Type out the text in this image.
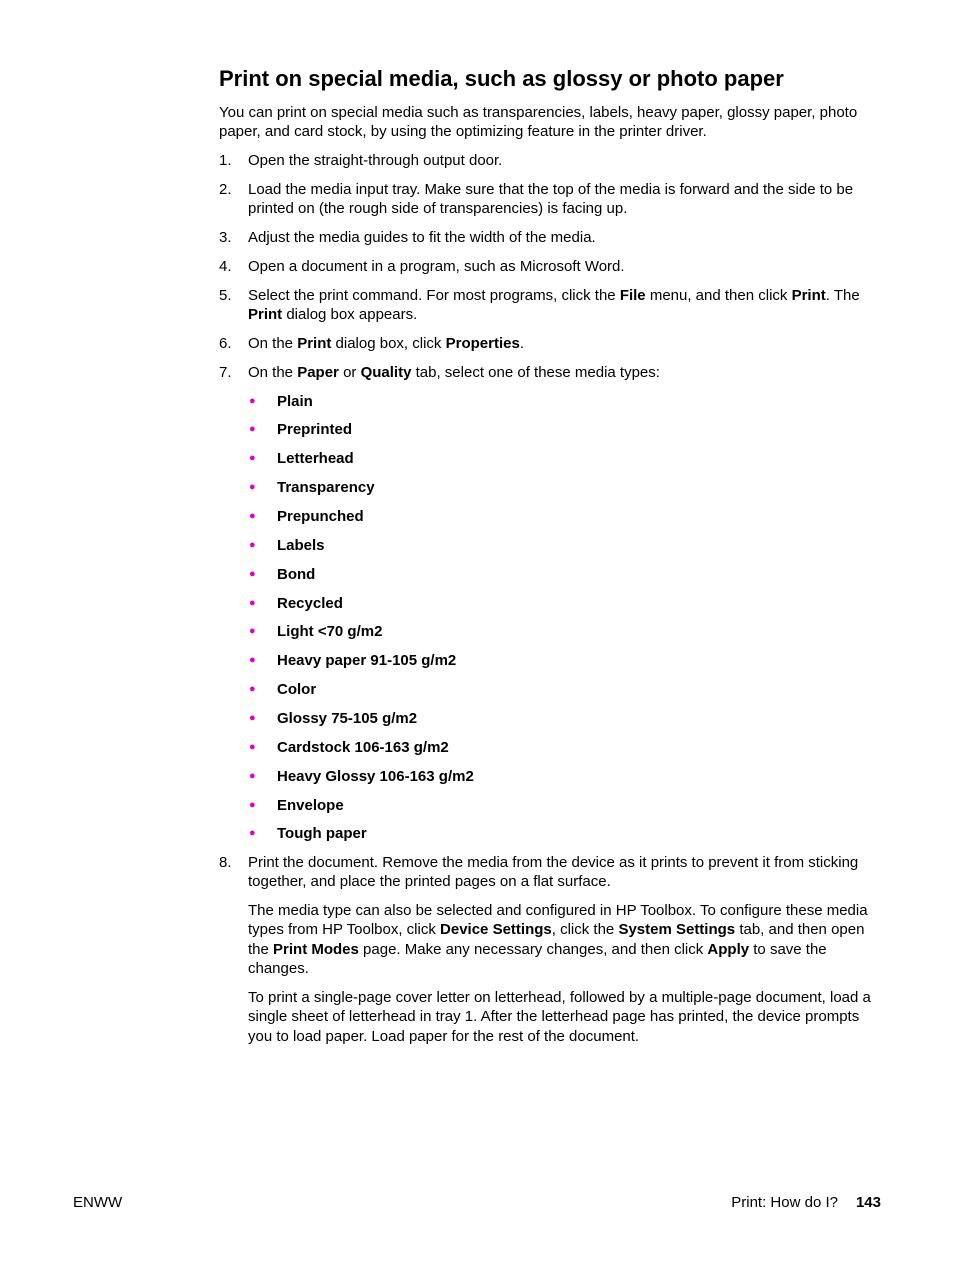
Print on special media, such as glossy or photo paper

You can print on special media such as transparencies, labels, heavy paper, glossy paper, photo paper, and card stock, by using the optimizing feature in the printer driver.

1. Open the straight-through output door.

2. Load the media input tray. Make sure that the top of the media is forward and the side to be printed on (the rough side of transparencies) is facing up.

3. Adjust the media guides to fit the width of the media.

4. Open a document in a program, such as Microsoft Word.

5. Select the print command. For most programs, click the File menu, and then click Print. The Print dialog box appears.

6. On the Print dialog box, click Properties.

7. On the Paper or Quality tab, select one of these media types:

● Plain
● Preprinted
● Letterhead
● Transparency
● Prepunched
● Labels
● Bond
● Recycled
● Light <70 g/m2
● Heavy paper 91-105 g/m2
● Color
● Glossy 75-105 g/m2
● Cardstock 106-163 g/m2
● Heavy Glossy 106-163 g/m2
● Envelope
● Tough paper
8. Print the document. Remove the media from the device as it prints to prevent it from sticking together, and place the printed pages on a flat surface.

The media type can also be selected and configured in HP Toolbox. To configure these media types from HP Toolbox, click Device Settings, click the System Settings tab, and then open the Print Modes page. Make any necessary changes, and then click Apply to save the changes.

To print a single-page cover letter on letterhead, followed by a multiple-page document, load a single sheet of letterhead in tray 1. After the letterhead page has printed, the device prompts you to load paper. Load paper for the rest of the document.

ENWW	Print: How do I? 143
